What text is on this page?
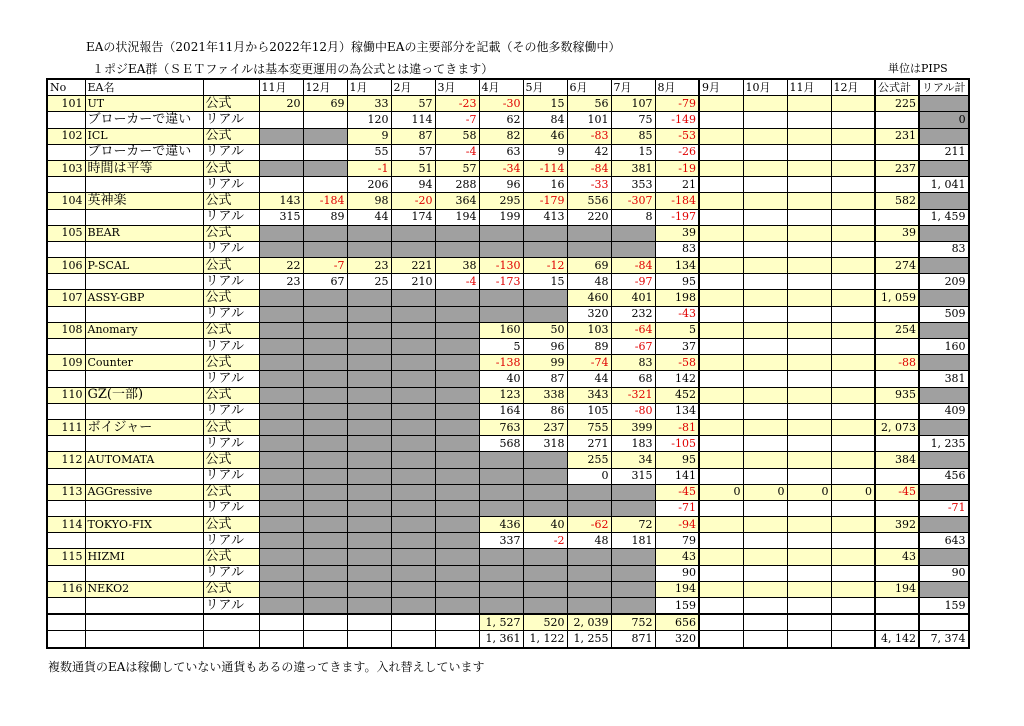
EAの状況報告（2021年11月から2022年12月）稼働中EAの主要部分を記載（その他多数稼働中）
１ポジEA群（ＳＥＴファイルは基本変更運用の為公式とは違ってきます）	単位はPIPS
No	EA名		11月	12月	1月	2月	3月	4月	5月	6月	7月	8月	9月	10月	11月	12月	公式計	リアル計
101	UT	公式	20	69	33	57	-23	-30	15	56	107	-79					225	
	ブローカーで違い	リアル			120	114	-7	62	84	101	75	-149						0
102	ICL	公式			9	87	58	82	46	-83	85	-53					231	
	ブローカーで違い	リアル			55	57	-4	63	9	42	15	-26						211
103	時間は平等	公式			-1	51	57	-34	-114	-84	381	-19					237	
		リアル			206	94	288	96	16	-33	353	21						1, 041
104	英神楽	公式	143	-184	98	-20	364	295	-179	556	-307	-184					582	
		リアル	315	89	44	174	194	199	413	220	8	-197						1, 459
105	BEAR	公式										39					39	
		リアル										83						83
106	P-SCAL	公式	22	-7	23	221	38	-130	-12	69	-84	134					274	
		リアル	23	67	25	210	-4	-173	15	48	-97	95						209
107	ASSY-GBP	公式								460	401	198					1, 059	
		リアル								320	232	-43						509
108	Anomary	公式						160	50	103	-64	5					254	
		リアル						5	96	89	-67	37						160
109	Counter	公式						-138	99	-74	83	-58					-88	
		リアル						40	87	44	68	142						381
110	GZ(一部)	公式						123	338	343	-321	452					935	
		リアル						164	86	105	-80	134						409
111	ボイジャー	公式						763	237	755	399	-81					2, 073	
		リアル						568	318	271	183	-105						1, 235
112	AUTOMATA	公式								255	34	95					384	
		リアル								0	315	141						456
113	AGGressive	公式										-45	0	0	0	0	-45	
		リアル										-71						-71
114	TOKYO-FIX	公式						436	40	-62	72	-94					392	
		リアル						337	-2	48	181	79						643
115	HIZMI	公式										43					43	
		リアル										90						90
116	NEKO2	公式										194					194	
		リアル										159						159
								1, 527	520	2, 039	752	656						
								1, 361	1, 122	1, 255	871	320					4, 142	7, 374
複数通貨のEAは稼働していない通貨もあるの違ってきます。入れ替えしています
